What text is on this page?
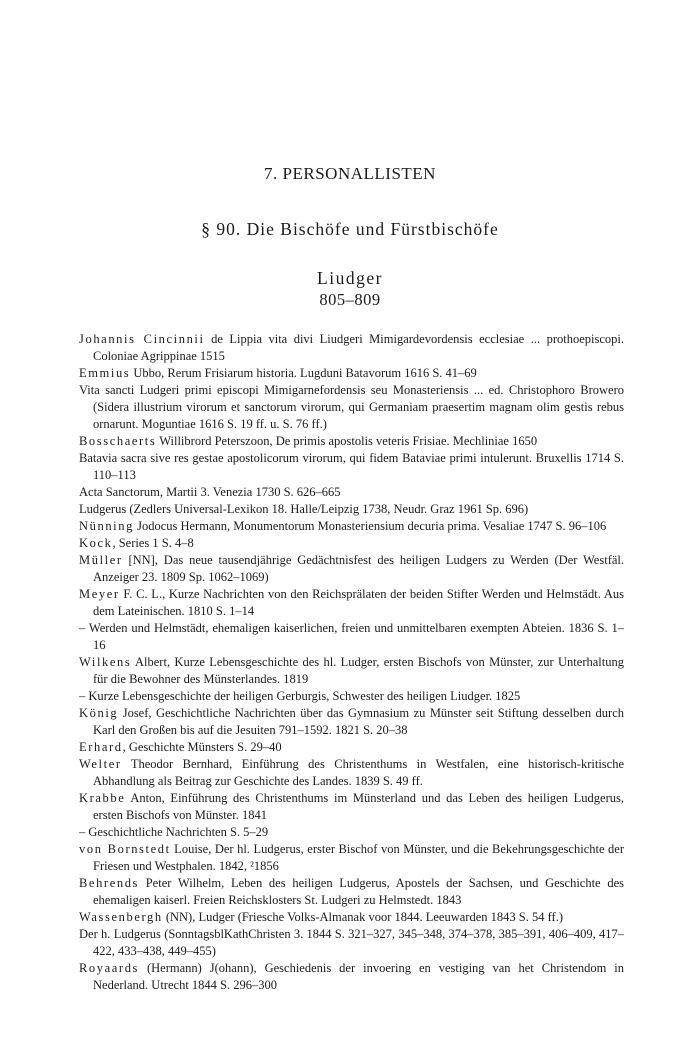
7. PERSONALLISTEN
§ 90. Die Bischöfe und Fürstbischöfe
Liudger
805–809

Johannis Cincinnii de Lippia vita divi Liudgeri Mimigardevordensis ecclesiae ... prothoepiscopi. Coloniae Agrippinae 1515

Emmius Ubbo, Rerum Frisiarum historia. Lugduni Batavorum 1616 S. 41–69

Vita sancti Ludgeri primi episcopi Mimigarnefordensis seu Monasteriensis ... ed. Christophoro Browero (Sidera illustrium virorum et sanctorum virorum, qui Germaniam praesertim magnam olim gestis rebus ornarunt. Moguntiae 1616 S. 19 ff. u. S. 76 ff.)

Bosschaerts Willibrord Peterszoon, De primis apostolis veteris Frisiae. Mechliniae 1650

Batavia sacra sive res gestae apostolicorum virorum, qui fidem Bataviae primi intulerunt. Bruxellis 1714 S. 110–113

Acta Sanctorum, Martii 3. Venezia 1730 S. 626–665

Ludgerus (Zedlers Universal-Lexikon 18. Halle/Leipzig 1738, Neudr. Graz 1961 Sp. 696)

Nünning Jodocus Hermann, Monumentorum Monasteriensium decuria prima. Vesaliae 1747 S. 96–106

Kock, Series 1 S. 4–8

Müller [NN], Das neue tausendjährige Gedächtnisfest des heiligen Ludgers zu Werden (Der Westfäl. Anzeiger 23. 1809 Sp. 1062–1069)

Meyer F. C. L., Kurze Nachrichten von den Reichsprälaten der beiden Stifter Werden und Helmstädt. Aus dem Lateinischen. 1810 S. 1–14

– Werden und Helmstädt, ehemaligen kaiserlichen, freien und unmittelbaren exempten Abteien. 1836 S. 1–16

Wilkens Albert, Kurze Lebensgeschichte des hl. Ludger, ersten Bischofs von Münster, zur Unterhaltung für die Bewohner des Münsterlandes. 1819

– Kurze Lebensgeschichte der heiligen Gerburgis, Schwester des heiligen Liudger. 1825

König Josef, Geschichtliche Nachrichten über das Gymnasium zu Münster seit Stiftung desselben durch Karl den Großen bis auf die Jesuiten 791–1592. 1821 S. 20–38

Erhard, Geschichte Münsters S. 29–40

Welter Theodor Bernhard, Einführung des Christenthums in Westfalen, eine historisch-kritische Abhandlung als Beitrag zur Geschichte des Landes. 1839 S. 49 ff.

Krabbe Anton, Einführung des Christenthums im Münsterland und das Leben des heiligen Ludgerus, ersten Bischofs von Münster. 1841

– Geschichtliche Nachrichten S. 5–29

von Bornstedt Louise, Der hl. Ludgerus, erster Bischof von Münster, und die Bekehrungsgeschichte der Friesen und Westphalen. 1842, ²1856

Behrends Peter Wilhelm, Leben des heiligen Ludgerus, Apostels der Sachsen, und Geschichte des ehemaligen kaiserl. Freien Reichsklosters St. Ludgeri zu Helmstedt. 1843

Wassenbergh (NN), Ludger (Friesche Volks-Almanak voor 1844. Leeuwarden 1843 S. 54 ff.)

Der h. Ludgerus (SonntagsblKathChristen 3. 1844 S. 321–327, 345–348, 374–378, 385–391, 406–409, 417–422, 433–438, 449–455)

Royaards (Hermann) J(ohann), Geschiedenis der invoering en vestiging van het Christendom in Nederland. Utrecht 1844 S. 296–300
